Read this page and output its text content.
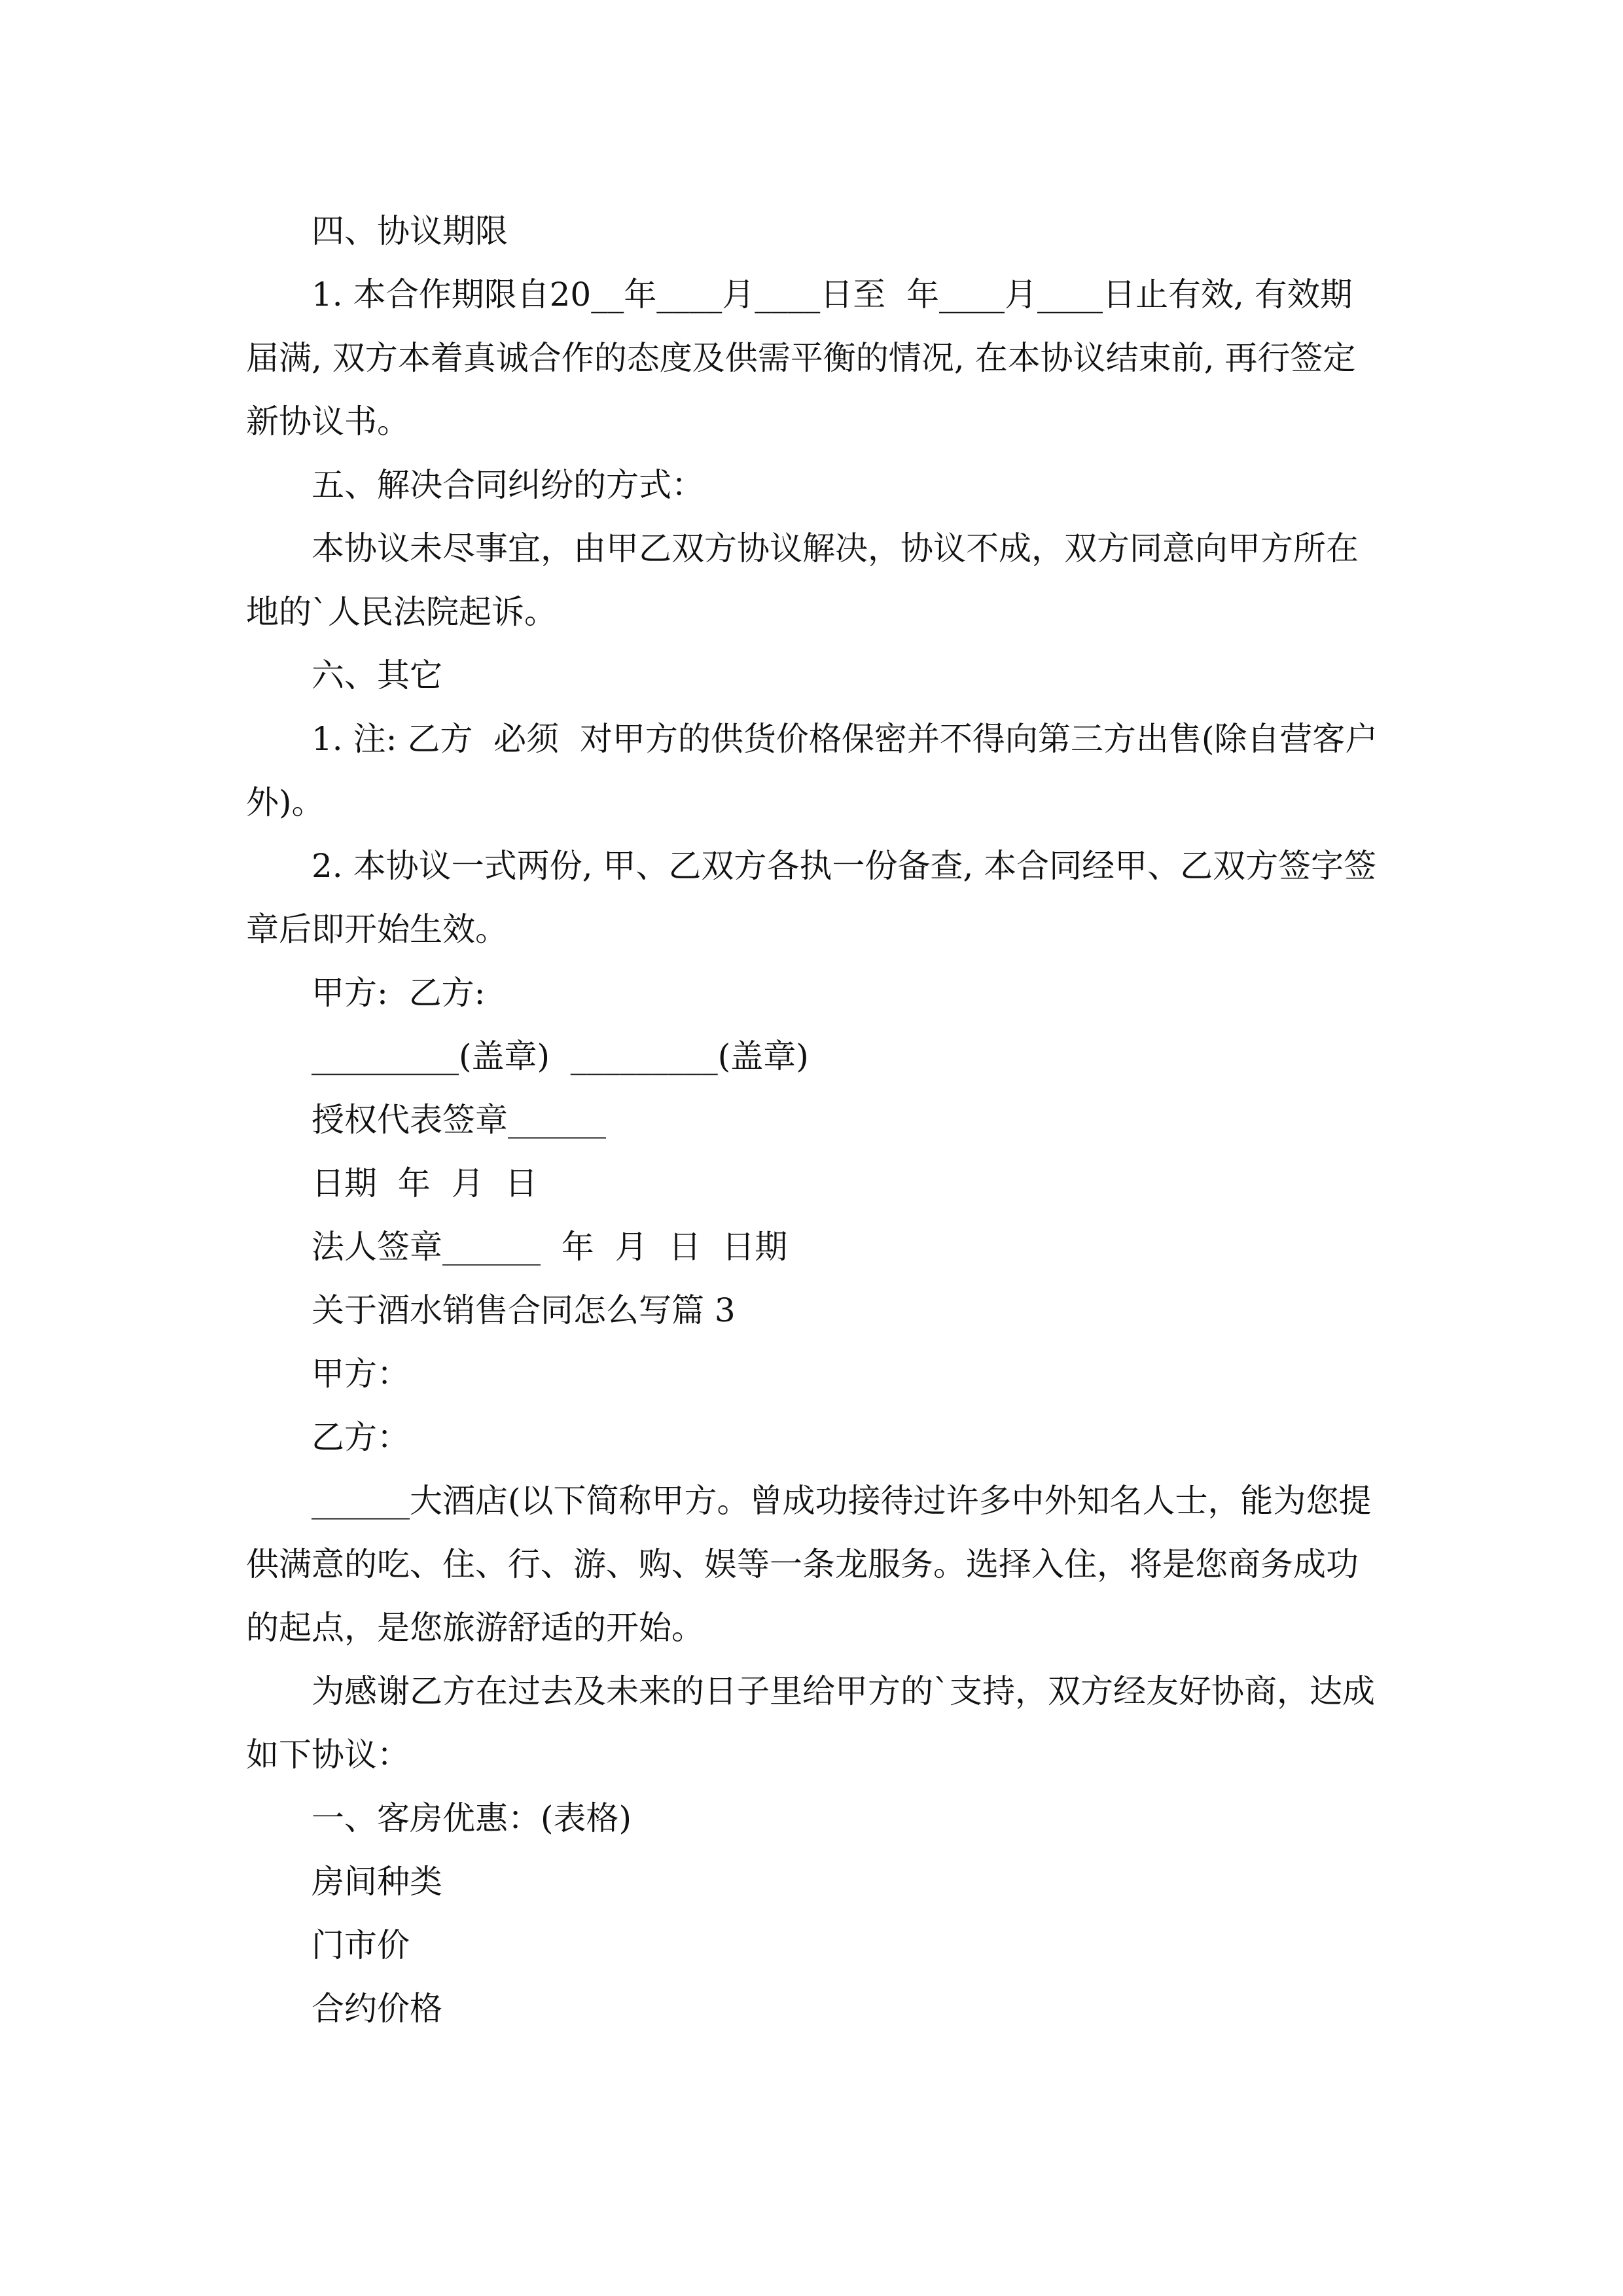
四、协议期限

1. 本合作期限自20__年____月____日至  年____月____日止有效, 有效期届满, 双方本着真诚合作的态度及供需平衡的情况, 在本协议结束前, 再行签定新协议书。

五、解决合同纠纷的方式：

本协议未尽事宜，由甲乙双方协议解决，协议不成，双方同意向甲方所在地的`人民法院起诉。

六、其它

1. 注: 乙方  必须  对甲方的供货价格保密并不得向第三方出售(除自营客户外)。

2. 本协议一式两份, 甲、乙双方各执一份备查, 本合同经甲、乙双方签字签章后即开始生效。

甲方:  乙方:

_________(盖章)  _________(盖章)

授权代表签章______

日期  年  月  日

法人签章______  年  月  日  日期

关于酒水销售合同怎么写篇 3

甲方：

乙方：

______大酒店(以下简称甲方。曾成功接待过许多中外知名人士，能为您提供满意的吃、住、行、游、购、娱等一条龙服务。选择入住，将是您商务成功的起点，是您旅游舒适的开始。

为感谢乙方在过去及未来的日子里给甲方的`支持，双方经友好协商，达成如下协议：

一、客房优惠：(表格)

房间种类

门市价

合约价格
